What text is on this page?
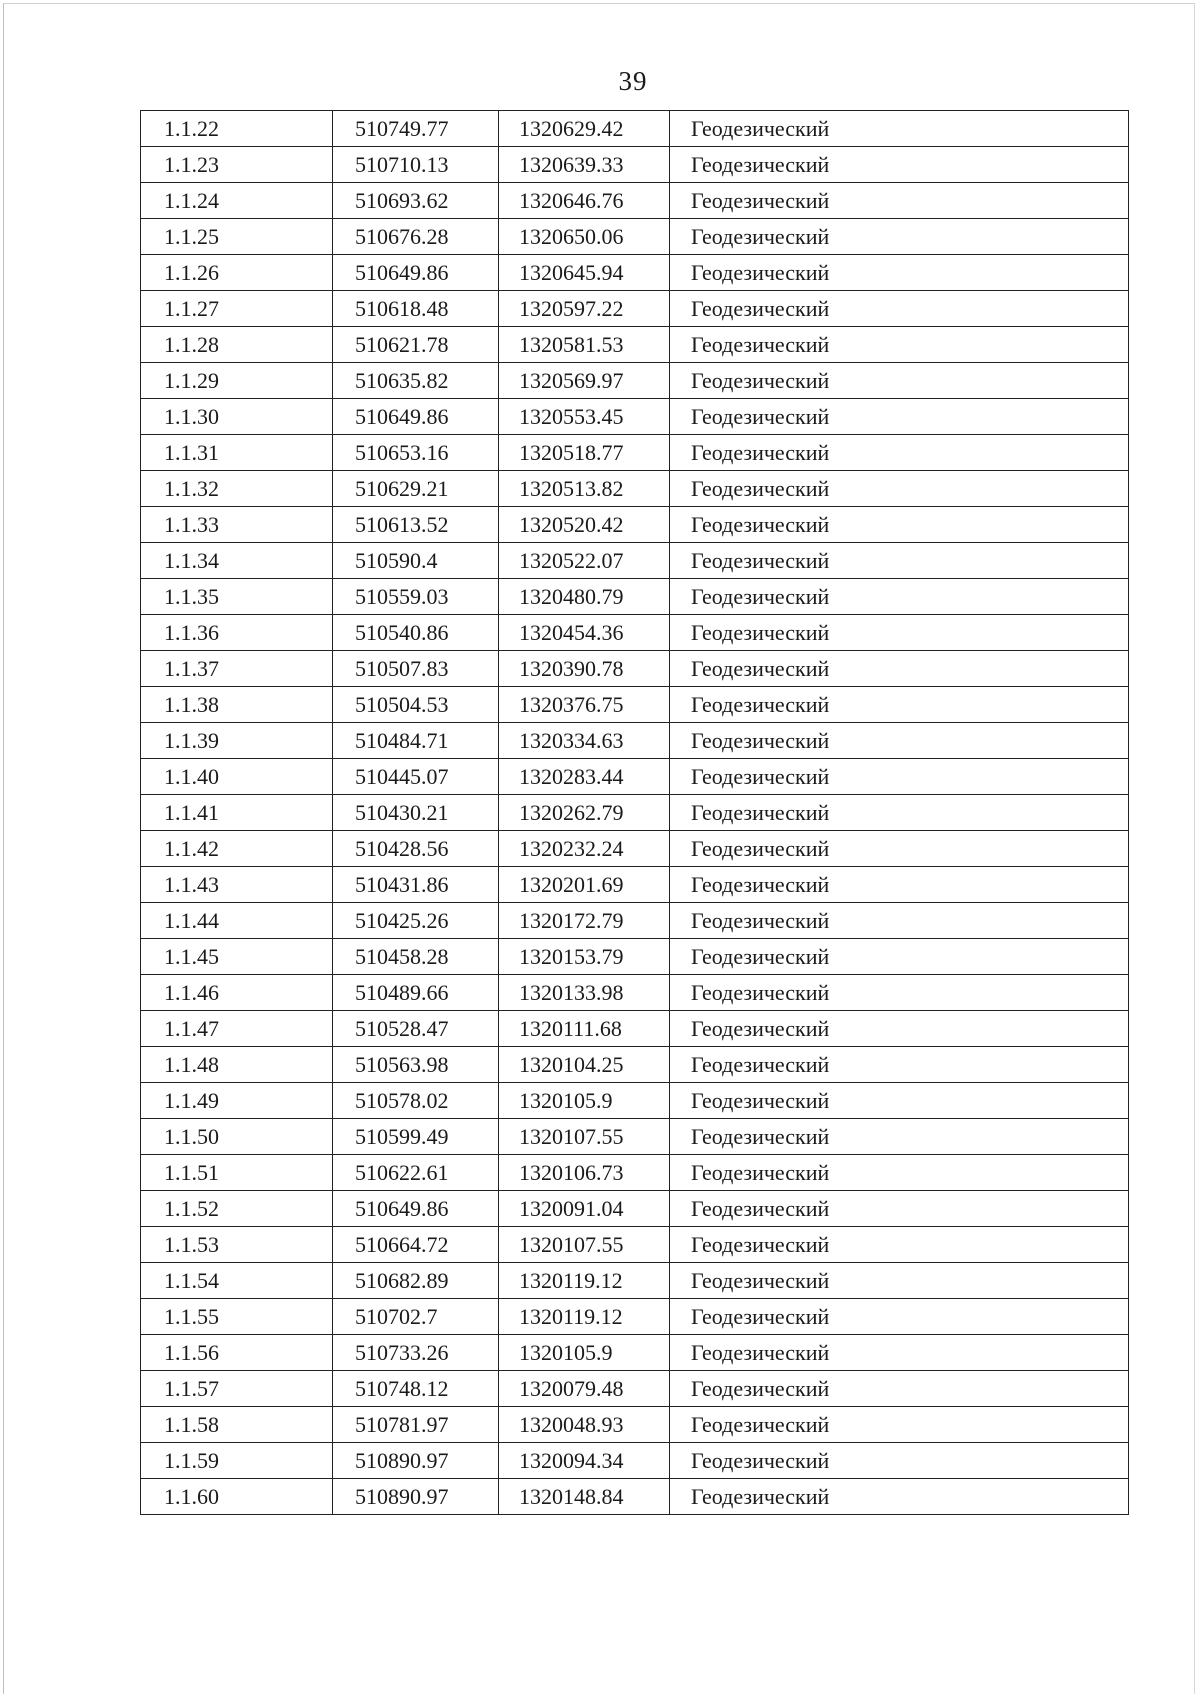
39
1.1.22	510749.77	1320629.42	Геодезический
1.1.23	510710.13	1320639.33	Геодезический
1.1.24	510693.62	1320646.76	Геодезический
1.1.25	510676.28	1320650.06	Геодезический
1.1.26	510649.86	1320645.94	Геодезический
1.1.27	510618.48	1320597.22	Геодезический
1.1.28	510621.78	1320581.53	Геодезический
1.1.29	510635.82	1320569.97	Геодезический
1.1.30	510649.86	1320553.45	Геодезический
1.1.31	510653.16	1320518.77	Геодезический
1.1.32	510629.21	1320513.82	Геодезический
1.1.33	510613.52	1320520.42	Геодезический
1.1.34	510590.4	1320522.07	Геодезический
1.1.35	510559.03	1320480.79	Геодезический
1.1.36	510540.86	1320454.36	Геодезический
1.1.37	510507.83	1320390.78	Геодезический
1.1.38	510504.53	1320376.75	Геодезический
1.1.39	510484.71	1320334.63	Геодезический
1.1.40	510445.07	1320283.44	Геодезический
1.1.41	510430.21	1320262.79	Геодезический
1.1.42	510428.56	1320232.24	Геодезический
1.1.43	510431.86	1320201.69	Геодезический
1.1.44	510425.26	1320172.79	Геодезический
1.1.45	510458.28	1320153.79	Геодезический
1.1.46	510489.66	1320133.98	Геодезический
1.1.47	510528.47	1320111.68	Геодезический
1.1.48	510563.98	1320104.25	Геодезический
1.1.49	510578.02	1320105.9	Геодезический
1.1.50	510599.49	1320107.55	Геодезический
1.1.51	510622.61	1320106.73	Геодезический
1.1.52	510649.86	1320091.04	Геодезический
1.1.53	510664.72	1320107.55	Геодезический
1.1.54	510682.89	1320119.12	Геодезический
1.1.55	510702.7	1320119.12	Геодезический
1.1.56	510733.26	1320105.9	Геодезический
1.1.57	510748.12	1320079.48	Геодезический
1.1.58	510781.97	1320048.93	Геодезический
1.1.59	510890.97	1320094.34	Геодезический
1.1.60	510890.97	1320148.84	Геодезический
